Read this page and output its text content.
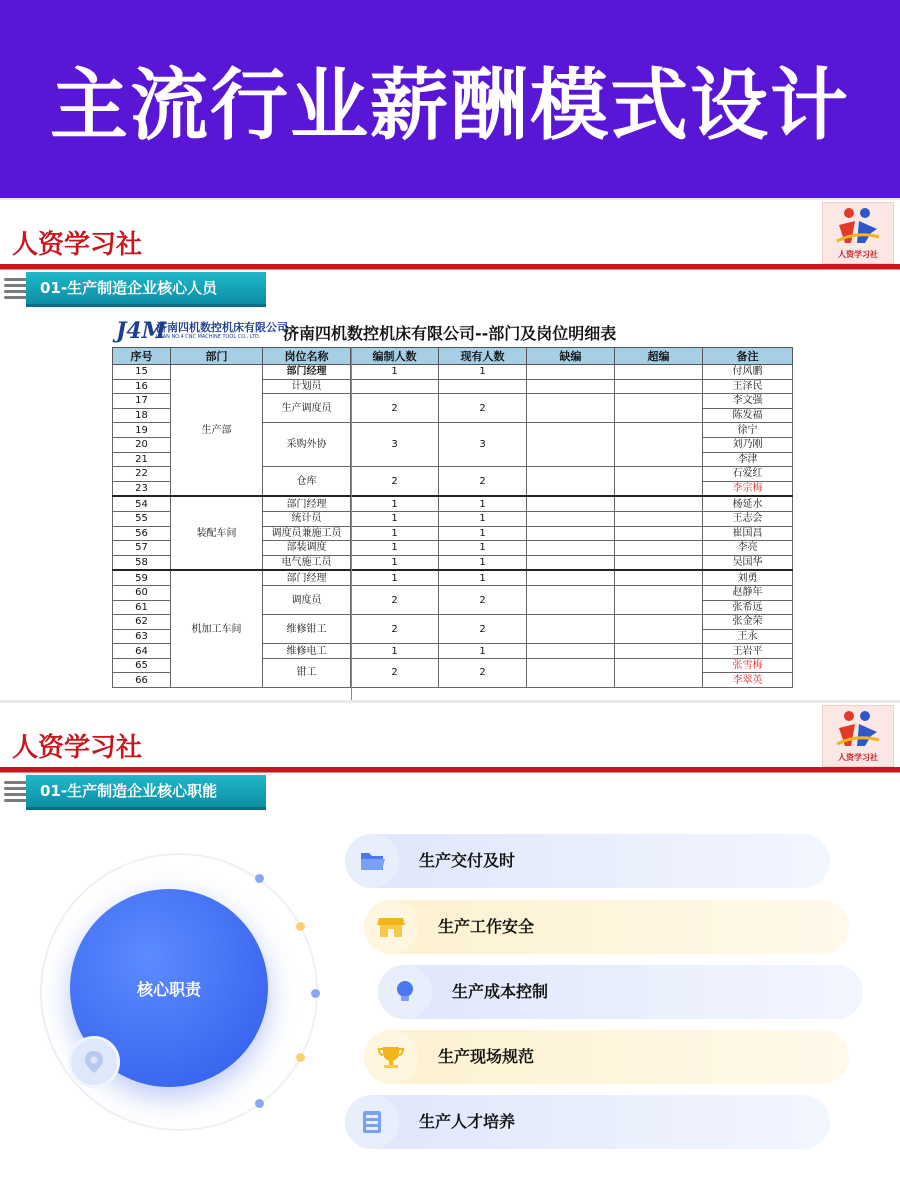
主流行业薪酬模式设计
人资学习社	人资学习社
01-生产制造企业核心人员
J4M
济南四机数控机床有限公司
JINAN NO.4 CNC MACHINE TOOL CO., LTD. 济南四机数控机床有限公司--部门及岗位明细表
序号	部门	岗位名称	编制人数	现有人数	缺编	超编	备注
15	生产部	部门经理	1	1			付风鹏
16		计划员					王泽民
17		生产调度员	2	2			李文强
18							陈发福
19		采购外协	3	3			徐宁
20							刘乃刚
21							李津
22		仓库	2	2			石爱红
23							李宗梅
54	装配车间	部门经理	1	1			杨延水
55		统计员	1	1			王志会
56		调度员兼施工员	1	1			崔国昌
57		部装调度	1	1			李亮
58		电气施工员	1	1			吴国华
59	机加工车间	部门经理	1	1			刘勇
60		调度员	2	2			赵静年
61							张希远
62		维修钳工	2	2			张金荣
63							王永
64		维修电工	1	1			王岩平
65		钳工	2	2			张雪梅
66							李翠英
人资学习社	人资学习社
01-生产制造企业核心职能
核心职责
生产交付及时
生产工作安全
生产成本控制
生产现场规范
生产人才培养
